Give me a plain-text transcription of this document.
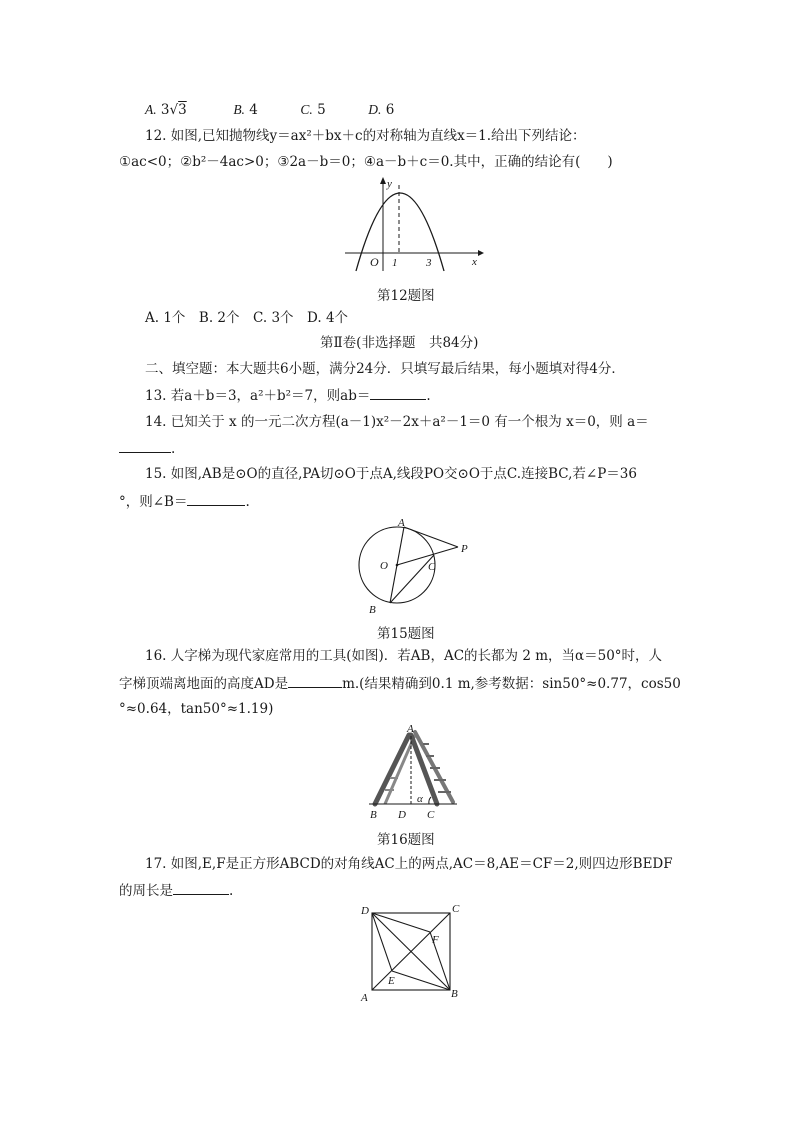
A. 3√3	B. 4	C. 5	D. 6
12. 如图,已知抛物线y＝ax²＋bx＋c的对称轴为直线x＝1.给出下列结论：
①ac<0；②b²－4ac>0；③2a－b＝0；④a－b＋c＝0.其中，正确的结论有(　　)
y
x
O 1	3
第12题图
A. 1个　B. 2个　C. 3个　D. 4个
第Ⅱ卷(非选择题　共84分)
二、填空题：本大题共6小题，满分24分．只填写最后结果，每小题填对得4分．
13. 若a＋b＝3，a²＋b²＝7，则ab＝	.
14. 已知关于 x 的一元二次方程(a－1)x²－2x＋a²－1＝0 有一个根为 x＝0，则 a＝
.
15. 如图,AB是⊙O的直径,PA切⊙O于点A,线段PO交⊙O于点C.连接BC,若∠P＝36
°，则∠B＝	.
A
B
O	C
P
第15题图
16. 人字梯为现代家庭常用的工具(如图)．若AB，AC的长都为 2 m，当α＝50°时，人
字梯顶端离地面的高度AD是	m.(结果精确到0.1 m,参考数据：sin50°≈0.77，cos50
°≈0.64，tan50°≈1.19)
A
B D C
α
第16题图
17. 如图,E,F是正方形ABCD的对角线AC上的两点,AC＝8,AE＝CF＝2,则四边形BEDF
的周长是	.
D	C
A	B
E
F
